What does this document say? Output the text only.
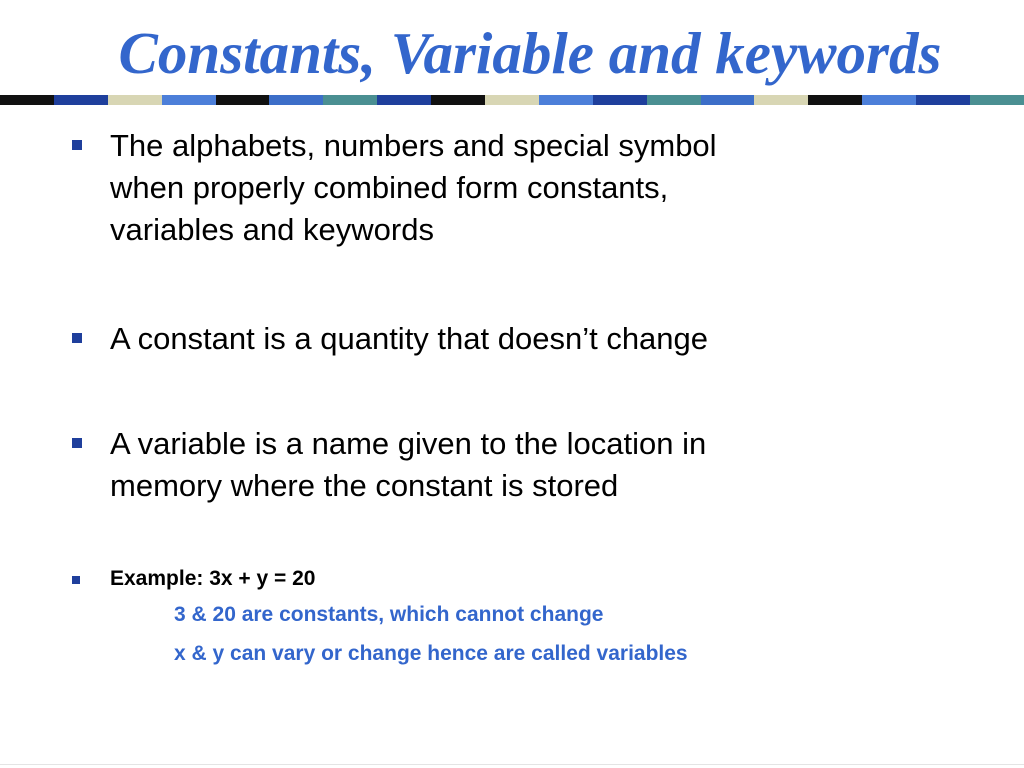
Constants, Variable and keywords
The alphabets, numbers and special symbol
when properly combined form constants,
variables and keywords
A constant is a quantity that doesn’t change
A variable is a name given to the location in
memory where the constant is stored
Example: 3x + y = 20
3 & 20 are constants, which cannot change
x & y can vary or change hence are called variables
